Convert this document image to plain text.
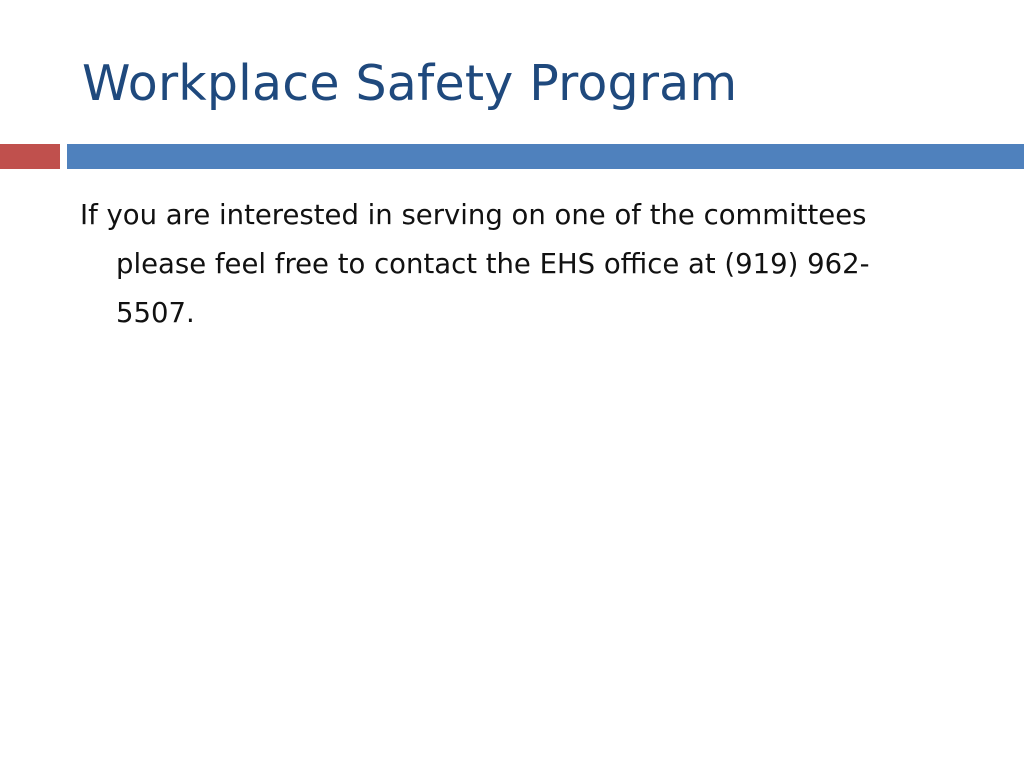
Workplace Safety Program

If you are interested in serving on one of the committees please feel free to contact the EHS office at (919) 962-5507.
